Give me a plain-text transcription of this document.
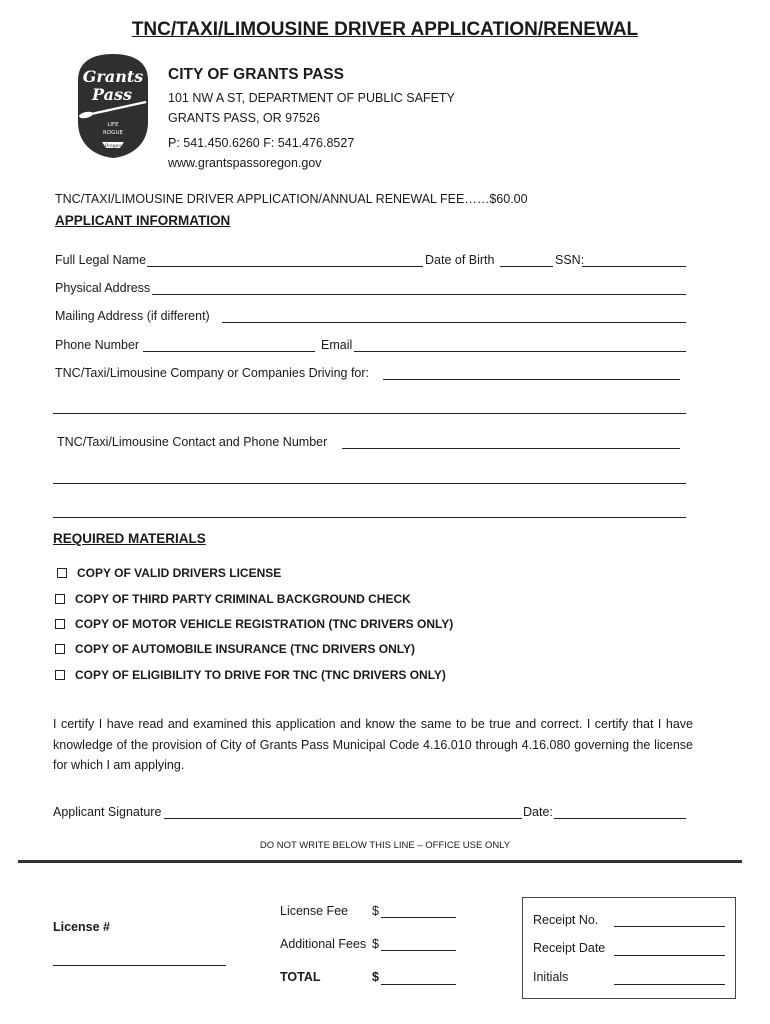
TNC/TAXI/LIMOUSINE DRIVER APPLICATION/RENEWAL
Grants
Pass
LIFE
ROGUE
Oregon
CITY OF GRANTS PASS
101 NW A ST, DEPARTMENT OF PUBLIC SAFETY
GRANTS PASS, OR 97526
P: 541.450.6260 F: 541.476.8527
www.grantspassoregon.gov
TNC/TAXI/LIMOUSINE DRIVER APPLICATION/ANNUAL RENEWAL FEE……$60.00
APPLICANT INFORMATION
Full Legal Name	Date of Birth	SSN:
Physical Address
Mailing Address (if different)
Phone Number	Email
TNC/Taxi/Limousine Company or Companies Driving for:
TNC/Taxi/Limousine Contact and Phone Number
REQUIRED MATERIALS
COPY OF VALID DRIVERS LICENSE
COPY OF THIRD PARTY CRIMINAL BACKGROUND CHECK
COPY OF MOTOR VEHICLE REGISTRATION (TNC DRIVERS ONLY)
COPY OF AUTOMOBILE INSURANCE (TNC DRIVERS ONLY)
COPY OF ELIGIBILITY TO DRIVE FOR TNC (TNC DRIVERS ONLY)
I certify I have read and examined this application and know the same to be true and correct. I certify that I have knowledge of the provision of City of Grants Pass Municipal Code 4.16.010 through 4.16.080 governing the license for which I am applying.
Applicant Signature	Date:
DO NOT WRITE BELOW THIS LINE – OFFICE USE ONLY
License #
License Fee $
Additional Fees $
TOTAL	$
Receipt No.
Receipt Date
Initials
